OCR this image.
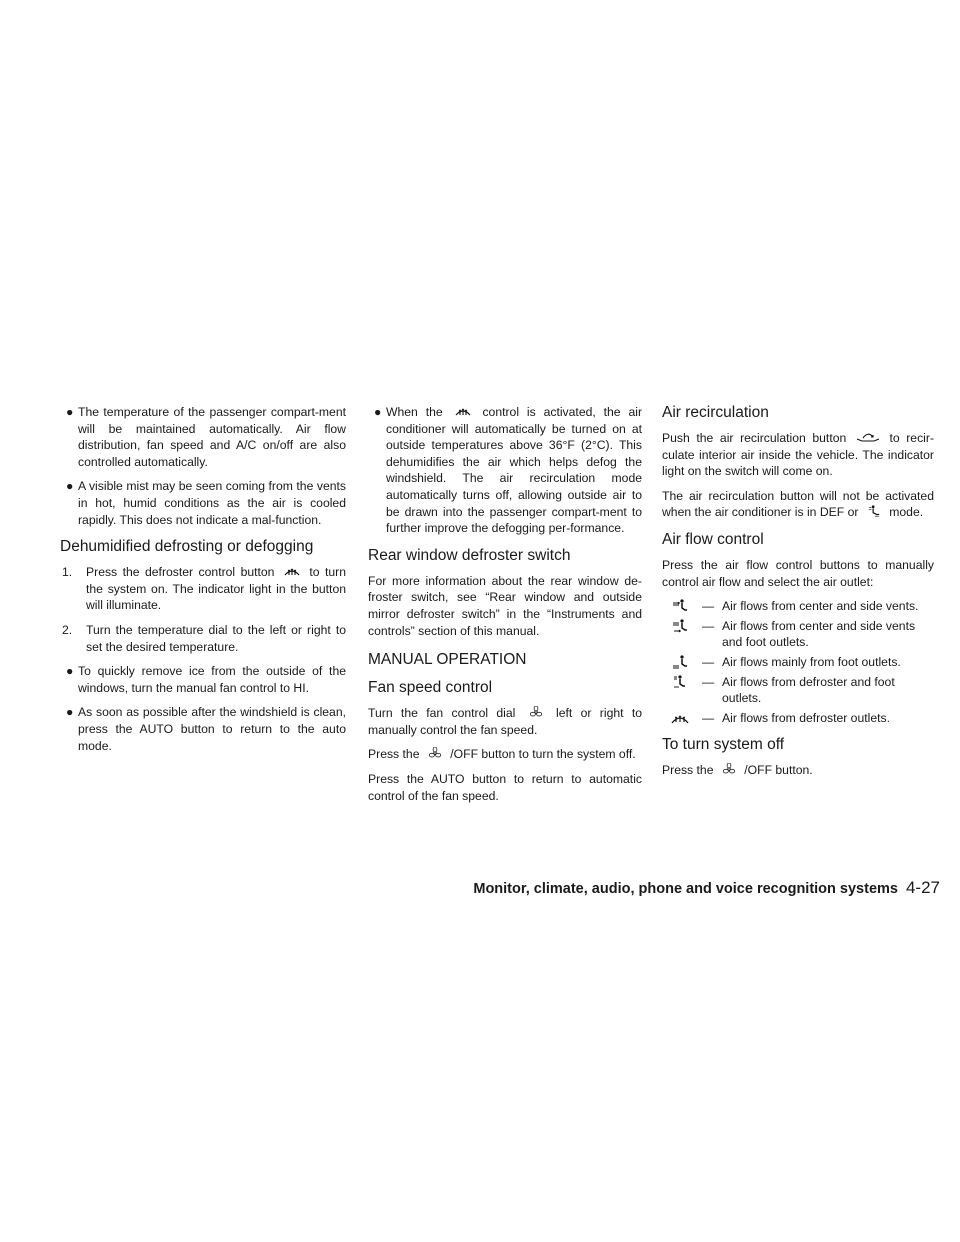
● The temperature of the passenger compart-ment will be maintained automatically. Air flow distribution, fan speed and A/C on/off are also controlled automatically.
● A visible mist may be seen coming from the vents in hot, humid conditions as the air is cooled rapidly. This does not indicate a mal-function.
Dehumidified defrosting or defogging
1. Press the defroster control button	to turn the system on. The indicator light in the button will illuminate.
2. Turn the temperature dial to the left or right to set the desired temperature.
● To quickly remove ice from the outside of the windows, turn the manual fan control to HI.
● As soon as possible after the windshield is clean, press the AUTO button to return to the auto mode.
● When the	control is activated, the air conditioner will automatically be turned on at outside temperatures above 36°F (2°C). This dehumidifies the air which helps defog the windshield. The air recirculation mode automatically turns off, allowing outside air to be drawn into the passenger compart-ment to further improve the defogging per-formance.
Rear window defroster switch

For more information about the rear window de-froster switch, see “Rear window and outside mirror defroster switch” in the “Instruments and controls” section of this manual.

MANUAL OPERATION
Fan speed control

Turn the fan control dial	left or right to manually control the fan speed.

Press the	/OFF button to turn the system off.

Press the AUTO button to return to automatic control of the fan speed.

Air recirculation

Push the air recirculation button	to recir-culate interior air inside the vehicle. The indicator light on the switch will come on.

The air recirculation button will not be activated when the air conditioner is in DEF or	mode.

Air flow control

Press the air flow control buttons to manually control air flow and select the air outlet:

— Air flows from center and side vents.
— Air flows from center and side vents and foot outlets.
— Air flows mainly from foot outlets.
— Air flows from defroster and foot outlets.
— Air flows from defroster outlets.
To turn system off

Press the	/OFF button.

Monitor, climate, audio, phone and voice recognition systems 4-27
